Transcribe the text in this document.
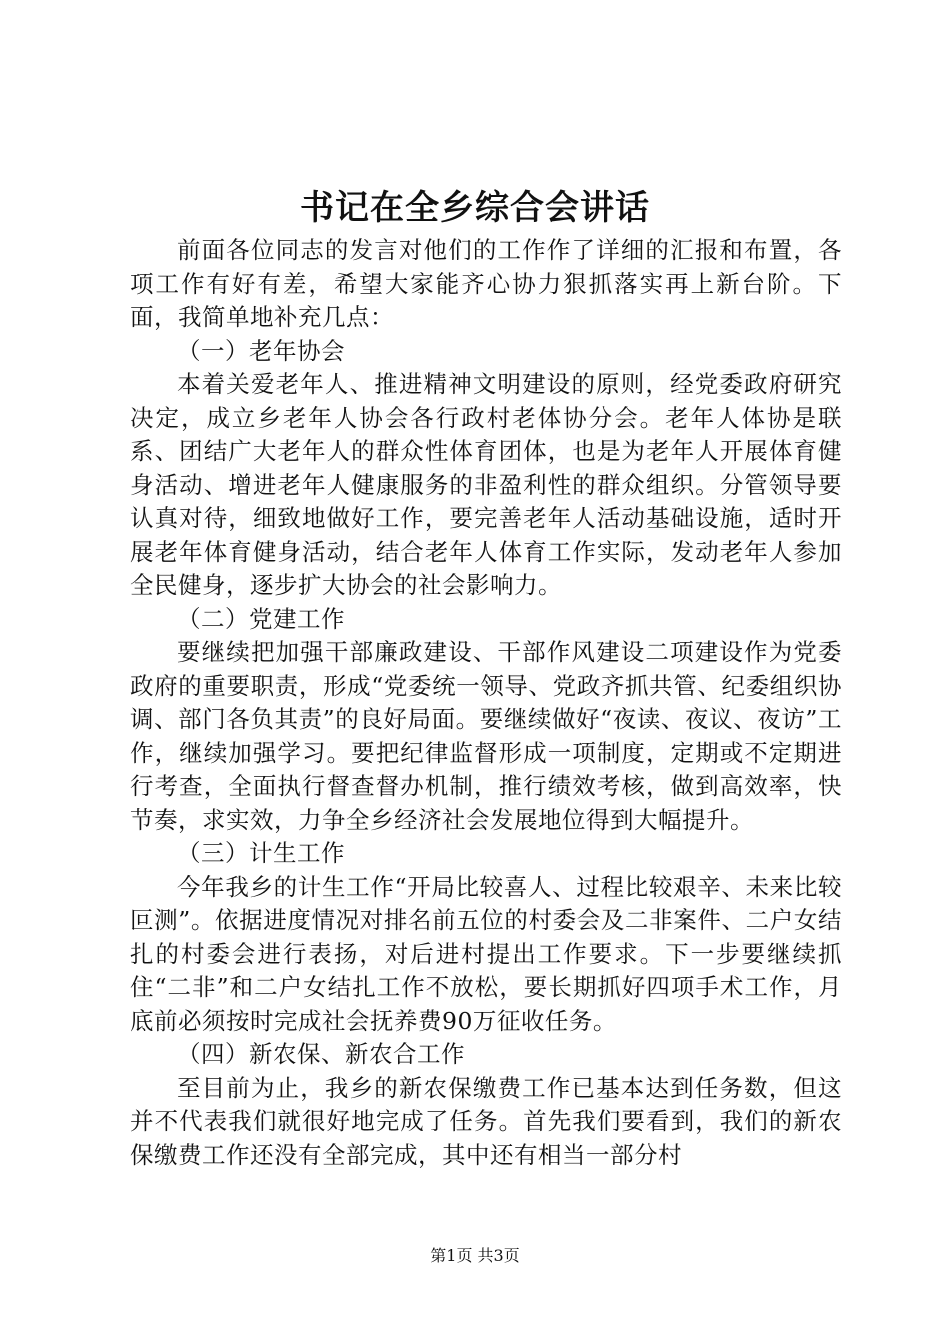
书记在全乡综合会讲话

前面各位同志的发言对他们的工作作了详细的汇报和布置，各项工作有好有差，希望大家能齐心协力狠抓落实再上新台阶。下面，我简单地补充几点：

（一）老年协会

本着关爱老年人、推进精神文明建设的原则，经党委政府研究决定，成立乡老年人协会各行政村老体协分会。老年人体协是联系、团结广大老年人的群众性体育团体，也是为老年人开展体育健身活动、增进老年人健康服务的非盈利性的群众组织。分管领导要认真对待，细致地做好工作，要完善老年人活动基础设施，适时开展老年体育健身活动，结合老年人体育工作实际，发动老年人参加全民健身，逐步扩大协会的社会影响力。

（二）党建工作

要继续把加强干部廉政建设、干部作风建设二项建设作为党委政府的重要职责，形成“党委统一领导、党政齐抓共管、纪委组织协调、部门各负其责”的良好局面。要继续做好“夜读、夜议、夜访”工作，继续加强学习。要把纪律监督形成一项制度，定期或不定期进行考查，全面执行督查督办机制，推行绩效考核，做到高效率，快节奏，求实效，力争全乡经济社会发展地位得到大幅提升。

（三）计生工作

今年我乡的计生工作“开局比较喜人、过程比较艰辛、未来比较叵测”。依据进度情况对排名前五位的村委会及二非案件、二户女结扎的村委会进行表扬，对后进村提出工作要求。下一步要继续抓住“二非”和二户女结扎工作不放松，要长期抓好四项手术工作，月底前必须按时完成社会抚养费90万征收任务。

（四）新农保、新农合工作

至目前为止，我乡的新农保缴费工作已基本达到任务数，但这并不代表我们就很好地完成了任务。首先我们要看到，我们的新农保缴费工作还没有全部完成，其中还有相当一部分村

第1页 共3页
